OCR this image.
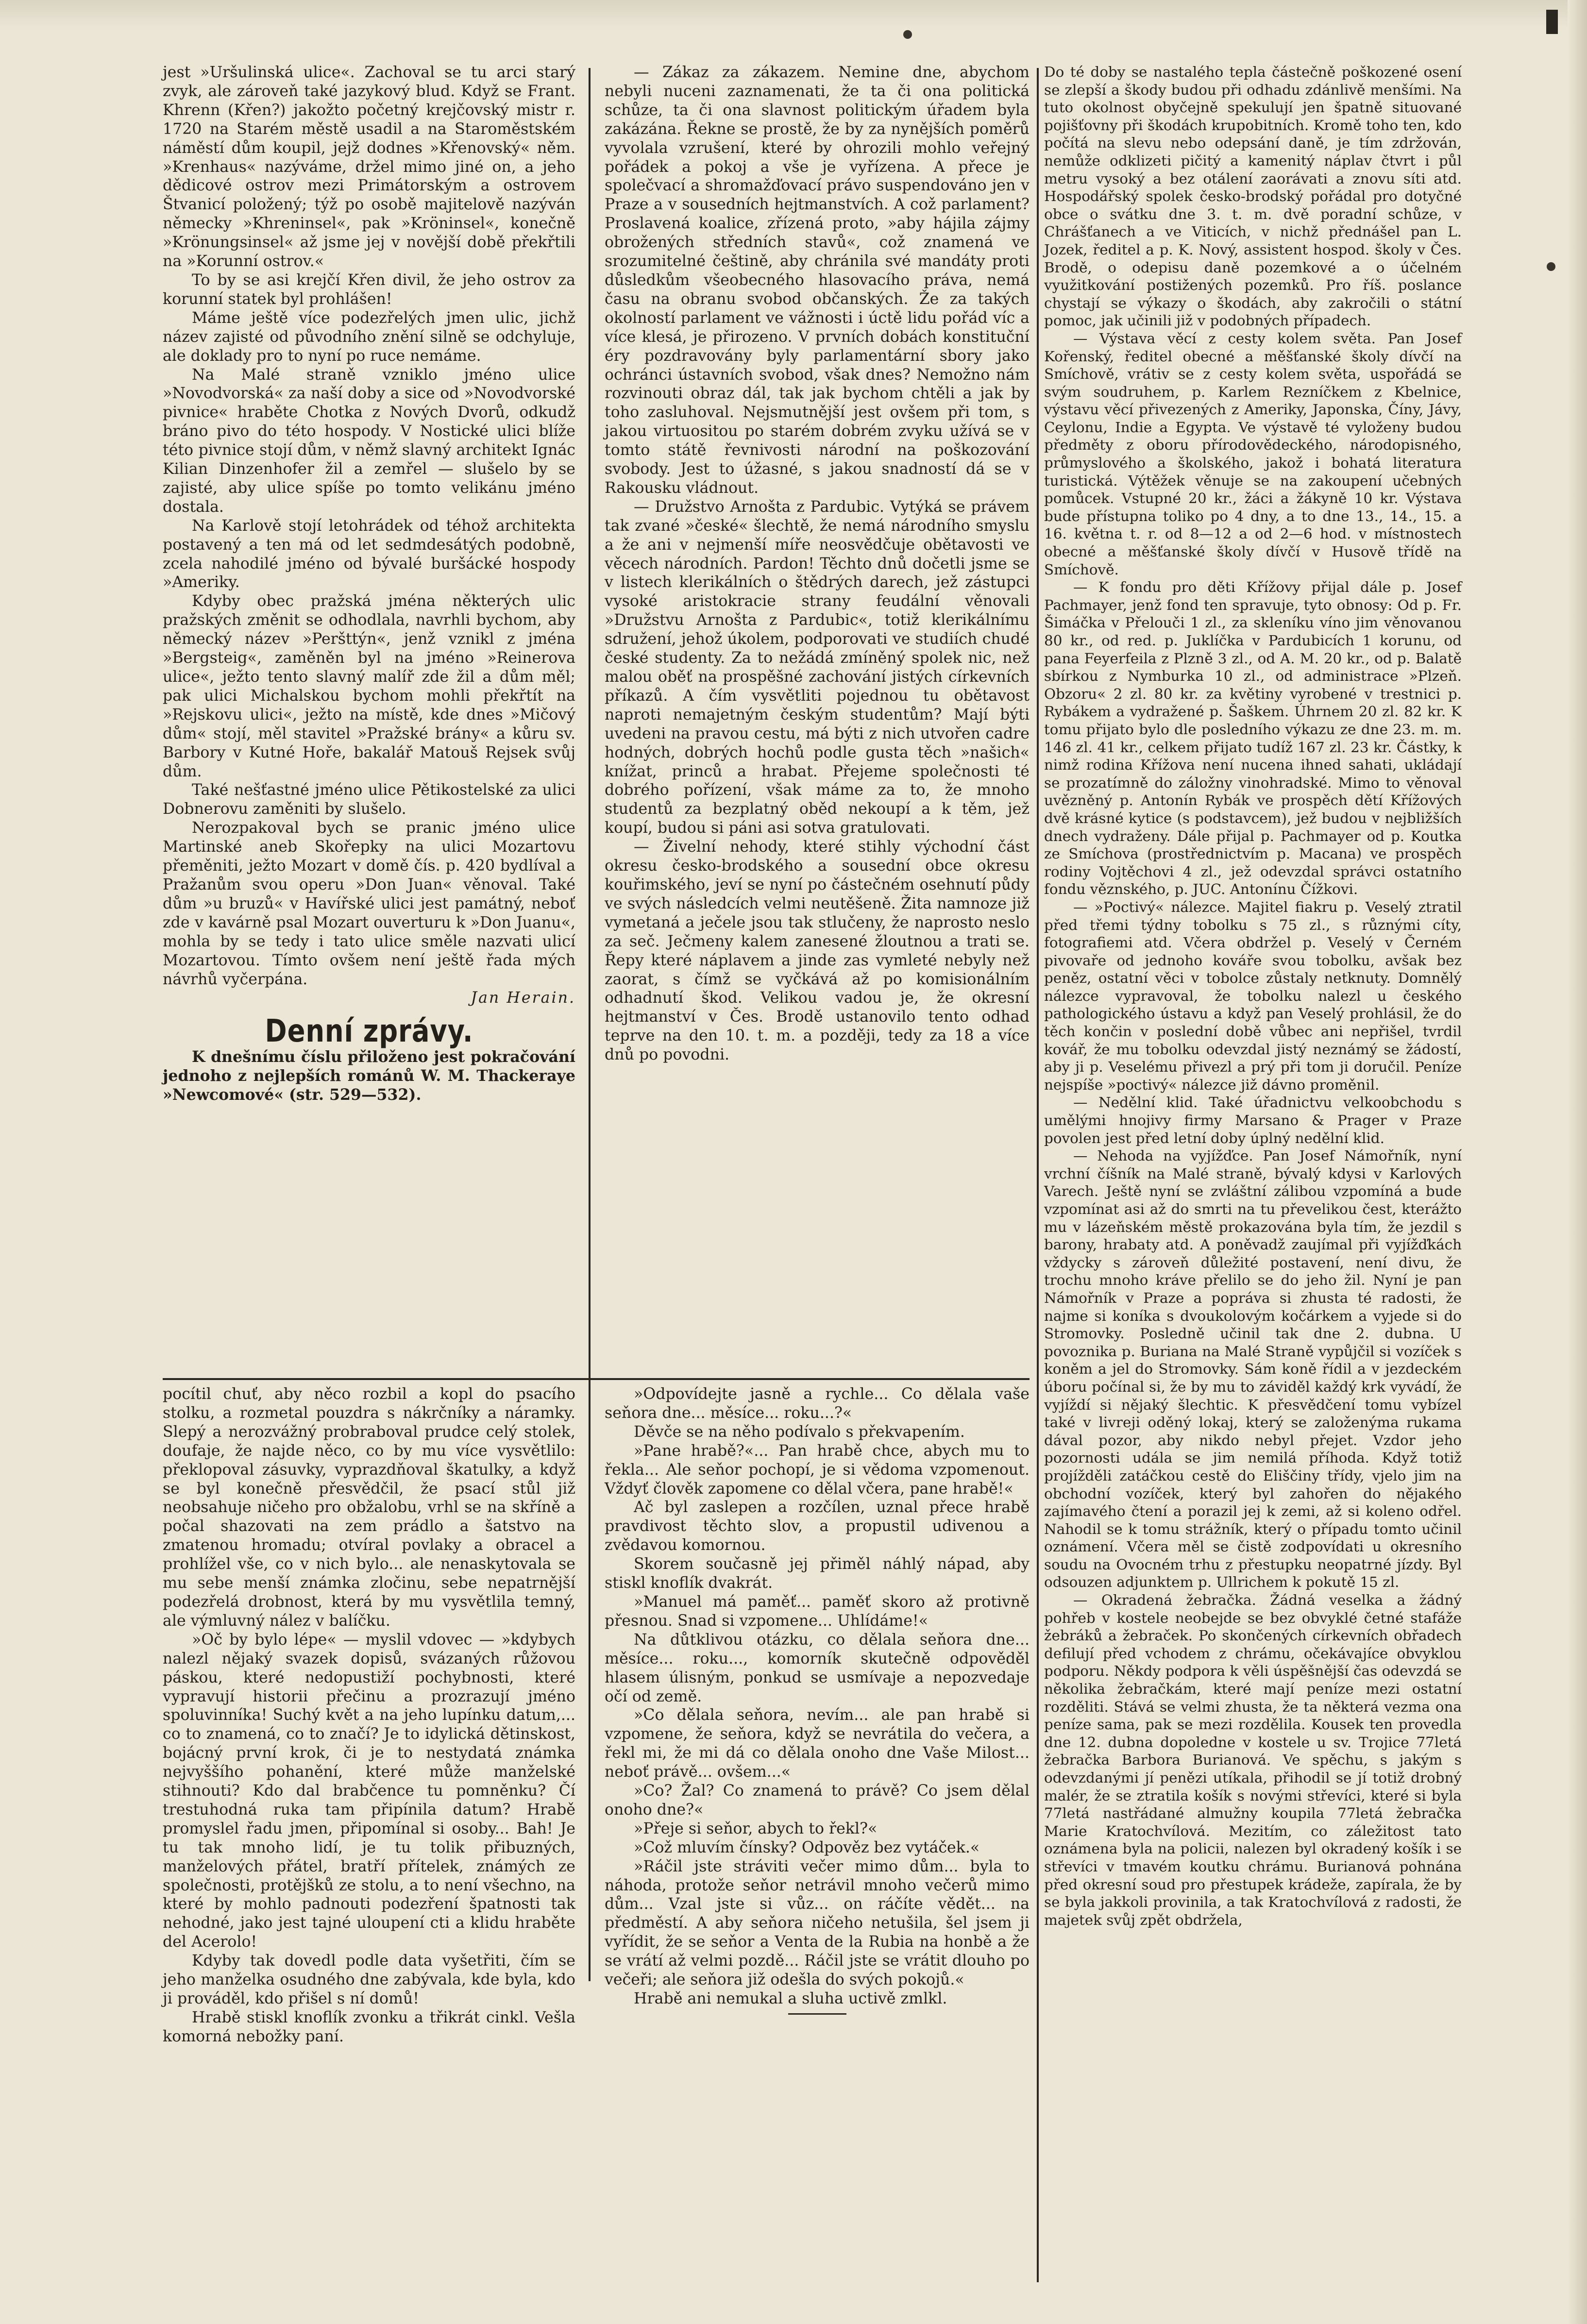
jest »Uršulinská ulice«. Zachoval se tu arci starý zvyk, ale zároveň také jazykový blud. Když se Frant. Khrenn (Křen?) jakožto početný krejčovský mistr r. 1720 na Starém městě usadil a na Staroměstském náměstí dům koupil, jejž dodnes »Křenovský« něm. »Krenhaus« nazýváme, držel mimo jiné on, a jeho dědicové ostrov mezi Primátorským a ostrovem Štvanicí položený; týž po osobě majitelově nazýván německy »Khreninsel«, pak »Kröninsel«, konečně »Krönungsinsel« až jsme jej v novější době překřtili na »Korunní ostrov.«

To by se asi krejčí Křen divil, že jeho ostrov za korunní statek byl prohlášen!

Máme ještě více podezřelých jmen ulic, jichž název zajisté od původního znění silně se odchyluje, ale doklady pro to nyní po ruce nemáme.

Na Malé straně vzniklo jméno ulice »Novodvorská« za naší doby a sice od »Novodvorské pivnice« hraběte Chotka z Nových Dvorů, odkudž bráno pivo do této hospody. V Nostické ulici blíže této pivnice stojí dům, v němž slavný architekt Ignác Kilian Dinzenhofer žil a zemřel — slušelo by se zajisté, aby ulice spíše po tomto velikánu jméno dostala.

Na Karlově stojí letohrádek od téhož architekta postavený a ten má od let sedmdesátých podobně, zcela nahodilé jméno od bývalé buršácké hospody »Ameriky.

Kdyby obec pražská jména některých ulic pražských změnit se odhodlala, navrhli bychom, aby německý název »Peršttýn«, jenž vznikl z jména »Bergsteig«, zaměněn byl na jméno »Reinerova ulice«, ježto tento slavný malíř zde žil a dům měl; pak ulici Michalskou bychom mohli překřtít na »Rejskovu ulici«, ježto na místě, kde dnes »Mičový dům« stojí, měl stavitel »Pražské brány« a kůru sv. Barbory v Kutné Hoře, bakalář Matouš Rejsek svůj dům.

Také nešťastné jméno ulice Pětikostelské za ulici Dobnerovu zaměniti by slušelo.

Nerozpakoval bych se pranic jméno ulice Martinské aneb Skořepky na ulici Mozartovu přeměniti, ježto Mozart v domě čís. p. 420 bydlíval a Pražanům svou operu »Don Juan« věnoval. Také dům »u bruzů« v Havířské ulici jest památný, neboť zde v kavárně psal Mozart ouverturu k »Don Juanu«, mohla by se tedy i tato ulice směle nazvati ulicí Mozartovou. Tímto ovšem není ještě řada mých návrhů vyčerpána.

Jan Herain.

Denní zprávy.

K dnešnímu číslu přiloženo jest pokračování jednoho z nejlepších románů W. M. Thackeraye »Newcomové« (str. 529—532).

— Zákaz za zákazem. Nemine dne, abychom nebyli nuceni zaznamenati, že ta či ona politická schůze, ta či ona slavnost politickým úřadem byla zakázána. Řekne se prostě, že by za nynějších poměrů vyvolala vzrušení, které by ohrozili mohlo veřejný pořádek a pokoj a vše je vyřízena. A přece je společvací a shromažďovací právo suspendováno jen v Praze a v sousedních hejtmanstvích. A což parlament? Proslavená koalice, zřízená proto, »aby hájila zájmy obrožených středních stavů«, což znamená ve srozumitelné češtině, aby chránila své mandáty proti důsledkům všeobecného hlasovacího práva, nemá času na obranu svobod občanských. Že za takých okolností parlament ve vážnosti i úctě lidu pořád víc a více klesá, je přirozeno. V prvních dobách konstituční éry pozdravovány byly parlamentární sbory jako ochránci ústavních svobod, však dnes? Nemožno nám rozvinouti obraz dál, tak jak bychom chtěli a jak by toho zasluhoval. Nejsmutnější jest ovšem při tom, s jakou virtuositou po starém dobrém zvyku užívá se v tomto státě řevnivosti národní na poškozování svobody. Jest to úžasné, s jakou snadností dá se v Rakousku vládnout.

— Družstvo Arnošta z Pardubic. Vytýká se právem tak zvané »české« šlechtě, že nemá národního smyslu a že ani v nejmenší míře neosvědčuje obětavosti ve věcech národních. Pardon! Těchto dnů dočetli jsme se v listech klerikálních o štědrých darech, jež zástupci vysoké aristokracie strany feudální věnovali »Družstvu Arnošta z Pardubic«, totiž klerikálnímu sdružení, jehož úkolem, podporovati ve studiích chudé české studenty. Za to nežádá zmíněný spolek nic, než malou oběť na prospěšné zachování jistých církevních příkazů. A čím vysvětliti pojednou tu obětavost naproti nemajetným českým studentům? Mají býti uvedeni na pravou cestu, má býti z nich utvořen cadre hodných, dobrých hochů podle gusta těch »našich« knížat, princů a hrabat. Přejeme společnosti té dobrého pořízení, však máme za to, že mnoho studentů za bezplatný oběd nekoupí a k těm, jež koupí, budou si páni asi sotva gratulovati.

— Živelní nehody, které stihly východní část okresu česko-brodského a sousední obce okresu kouřimského, jeví se nyní po částečném osehnutí půdy ve svých následcích velmi neutěšeně. Žita namnoze již vymetaná a ječele jsou tak stlučeny, že naprosto neslo za seč. Ječmeny kalem zanesené žloutnou a trati se. Řepy které náplavem a jinde zas vymleté nebyly než zaorat, s čímž se vyčkává až po komisionálním odhadnutí škod. Velikou vadou je, že okresní hejtmanství v Čes. Brodě ustanovilo tento odhad teprve na den 10. t. m. a později, tedy za 18 a více dnů po povodni.

Do té doby se nastalého tepla částečně poškozené osení se zlepší a škody budou při odhadu zdánlivě menšími. Na tuto okolnost obyčejně spekulují jen špatně situované pojišťovny při škodách krupobitních. Kromě toho ten, kdo počítá na slevu nebo odepsání daně, je tím zdržován, nemůže odklizeti pičitý a kamenitý náplav čtvrt i půl metru vysoký a bez otálení zaorávati a znovu síti atd. Hospodářský spolek česko-brodský pořádal pro dotyčné obce o svátku dne 3. t. m. dvě poradní schůze, v Chrášťanech a ve Viticích, v nichž přednášel pan L. Jozek, ředitel a p. K. Nový, assistent hospod. školy v Čes. Brodě, o odepisu daně pozemkové a o účelném využitkování postižených pozemků. Pro říš. poslance chystají se výkazy o škodách, aby zakročili o státní pomoc, jak učinili již v podobných případech.

— Výstava věcí z cesty kolem světa. Pan Josef Kořenský, ředitel obecné a měšťanské školy dívčí na Smíchově, vrátiv se z cesty kolem světa, uspořádá se svým soudruhem, p. Karlem Rezníčkem z Kbelnice, výstavu věcí přivezených z Ameriky, Japonska, Číny, Jávy, Ceylonu, Indie a Egypta. Ve výstavě té vyloženy budou předměty z oboru přírodovědeckého, národopisného, průmyslového a školského, jakož i bohatá literatura turistická. Výtěžek věnuje se na zakoupení učebných pomůcek. Vstupné 20 kr., žáci a žákyně 10 kr. Výstava bude přístupna toliko po 4 dny, a to dne 13., 14., 15. a 16. května t. r. od 8—12 a od 2—6 hod. v místnostech obecné a měšťanské školy dívčí v Husově třídě na Smíchově.

— K fondu pro děti Křížovy přijal dále p. Josef Pachmayer, jenž fond ten spravuje, tyto obnosy: Od p. Fr. Šimáčka v Přelouči 1 zl., za skleníku víno jim věnovanou 80 kr., od red. p. Juklíčka v Pardubicích 1 korunu, od pana Feyerfeila z Plzně 3 zl., od A. M. 20 kr., od p. Balatě sbírkou z Nymburka 10 zl., od administrace »Plzeň. Obzoru« 2 zl. 80 kr. za květiny vyrobené v trestnici p. Rybákem a vydražené p. Šaškem. Úhrnem 20 zl. 82 kr. K tomu přijato bylo dle posledního výkazu ze dne 23. m. m. 146 zl. 41 kr., celkem přijato tudíž 167 zl. 23 kr. Částky, k nimž rodina Křížova není nucena ihned sahati, ukládají se prozatímně do záložny vinohradské. Mimo to věnoval uvězněný p. Antonín Rybák ve prospěch dětí Křížových dvě krásné kytice (s podstavcem), jež budou v nejbližších dnech vydraženy. Dále přijal p. Pachmayer od p. Koutka ze Smíchova (prostřednictvím p. Macana) ve prospěch rodiny Vojtěchovi 4 zl., jež odevzdal správci ostatního fondu věznského, p. JUC. Antonínu Čížkovi.

— »Poctivý« nálezce. Majitel fiakru p. Veselý ztratil před třemi týdny tobolku s 75 zl., s různými cíty, fotografiemi atd. Včera obdržel p. Veselý v Černém pivovaře od jednoho kováře svou tobolku, avšak bez peněz, ostatní věci v tobolce zůstaly netknuty. Domnělý nálezce vypravoval, že tobolku nalezl u českého pathologického ústavu a když pan Veselý prohlásil, že do těch končin v poslední době vůbec ani nepřišel, tvrdil kovář, že mu tobolku odevzdal jistý neznámý se žádostí, aby ji p. Veselému přivezl a prý při tom ji doručil. Peníze nejspíše »poctivý« nálezce již dávno proměnil.

— Nedělní klid. Také úřadnictvu velkoobchodu s umělými hnojivy firmy Marsano & Prager v Praze povolen jest před letní doby úplný nedělní klid.

— Nehoda na vyjížďce. Pan Josef Námořník, nyní vrchní číšník na Malé straně, bývalý kdysi v Karlových Varech. Ještě nyní se zvláštní zálibou vzpomíná a bude vzpomínat asi až do smrti na tu převelikou čest, kterážto mu v lázeňském městě prokazována byla tím, že jezdil s barony, hrabaty atd. A poněvadž zaujímal při vyjížďkách vždycky s zároveň důležité postavení, není divu, že trochu mnoho kráve přelilo se do jeho žil. Nyní je pan Námořník v Praze a popráva si zhusta té radosti, že najme si koníka s dvoukolovým kočárkem a vyjede si do Stromovky. Posledně učinil tak dne 2. dubna. U povoznika p. Buriana na Malé Straně vypůjčil si vozíček s koněm a jel do Stromovky. Sám koně řídil a v jezdeckém úboru počínal si, že by mu to záviděl každý krk vyvádí, že vyjíždí si nějaký šlechtic. K přesvědčení tomu vybízel také v livreji oděný lokaj, který se založenýma rukama dával pozor, aby nikdo nebyl přejet. Vzdor jeho pozornosti udála se jim nemilá příhoda. Když totiž projížděli zatáčkou cestě do Eliščiny třídy, vjelo jim na obchodní vozíček, který byl zahořen do nějakého zajímavého čtení a porazil jej k zemi, až si koleno odřel. Nahodil se k tomu strážník, který o případu tomto učinil oznámení. Včera měl se čistě zodpovídati u okresního soudu na Ovocném trhu z přestupku neopatrné jízdy. Byl odsouzen adjunktem p. Ullrichem k pokutě 15 zl.

— Okradená žebračka. Žádná veselka a žádný pohřeb v kostele neobejde se bez obvyklé četné stafáže žebráků a žebraček. Po skončených církevních obřadech defilují před vchodem z chrámu, očekávajíce obvyklou podporu. Někdy podpora k věli úspěšnější čas odevzdá se několika žebračkám, které mají peníze mezi ostatní rozděliti. Stává se velmi zhusta, že ta některá vezma ona peníze sama, pak se mezi rozdělila. Kousek ten provedla dne 12. dubna dopoledne v kostele u sv. Trojice 77letá žebračka Barbora Burianová. Ve spěchu, s jakým s odevzdanými jí penězi utíkala, přihodil se jí totiž drobný malér, že se ztratila košík s novými střevíci, které si byla 77letá nastřádané almužny koupila 77letá žebračka Marie Kratochvílová. Mezitím, co záležitost tato oznámena byla na policii, nalezen byl okradený košík i se střevíci v tmavém koutku chrámu. Burianová pohnána před okresní soud pro přestupek krádeže, zapírala, že by se byla jakkoli provinila, a tak Kratochvílová z radosti, že majetek svůj zpět obdržela,

pocítil chuť, aby něco rozbil a kopl do psacího stolku, a rozmetal pouzdra s nákrčníky a náramky. Slepý a nerozvážný probraboval prudce celý stolek, doufaje, že najde něco, co by mu více vysvětlilo: překlopoval zásuvky, vyprazdňoval škatulky, a když se byl konečně přesvědčil, že psací stůl již neobsahuje ničeho pro obžalobu, vrhl se na skříně a počal shazovati na zem prádlo a šatstvo na zmatenou hromadu; otvíral povlaky a obracel a prohlížel vše, co v nich bylo... ale nenaskytovala se mu sebe menší známka zločinu, sebe nepatrnější podezřelá drobnost, která by mu vysvětlila temný, ale výmluvný nález v balíčku.

»Oč by bylo lépe« — myslil vdovec — »kdybych nalezl nějaký svazek dopisů, svázaných růžovou páskou, které nedopustiží pochybnosti, které vypravují historii přečinu a prozrazují jméno spoluvinníka! Suchý květ a na jeho lupínku datum,... co to znamená, co to značí? Je to idylická dětinskost, bojácný první krok, či je to nestydatá známka nejvyššího pohanění, které může manželské stihnouti? Kdo dal brabčence tu pomněnku? Čí trestuhodná ruka tam připínila datum? Hrabě promyslel řadu jmen, připomínal si osoby... Bah! Je tu tak mnoho lidí, je tu tolik přibuzných, manželových přátel, bratří přítelek, známých ze společnosti, protějšků ze stolu, a to není všechno, na které by mohlo padnouti podezření špatnosti tak nehodné, jako jest tajné uloupení cti a klidu hraběte del Acerolo!

Kdyby tak dovedl podle data vyšetřiti, čím se jeho manželka osudného dne zabývala, kde byla, kdo ji prováděl, kdo přišel s ní domů!

Hrabě stiskl knoflík zvonku a třikrát cinkl. Vešla komorná nebožky paní.

»Odpovídejte jasně a rychle... Co dělala vaše seňora dne... měsíce... roku...?«

Děvče se na něho podívalo s překvapením.

»Pane hrabě?«... Pan hrabě chce, abych mu to řekla... Ale seňor pochopí, je si vědoma vzpomenout. Vždyť člověk zapomene co dělal včera, pane hrabě!«

Ač byl zaslepen a rozčílen, uznal přece hrabě pravdivost těchto slov, a propustil udivenou a zvědavou komornou.

Skorem současně jej přiměl náhlý nápad, aby stiskl knoflík dvakrát.

»Manuel má paměť... paměť skoro až protivně přesnou. Snad si vzpomene... Uhlídáme!«

Na důtklivou otázku, co dělala seňora dne... měsíce... roku..., komorník skutečně odpověděl hlasem úlisným, ponkud se usmívaje a nepozvedaje očí od země.

»Co dělala seňora, nevím... ale pan hrabě si vzpomene, že seňora, když se nevrátila do večera, a řekl mi, že mi dá co dělala onoho dne Vaše Milost... neboť právě... ovšem...«

»Co? Žal? Co znamená to právě? Co jsem dělal onoho dne?«

»Přeje si seňor, abych to řekl?«

»Což mluvím čínsky? Odpověz bez vytáček.«

»Ráčil jste stráviti večer mimo dům... byla to náhoda, protože seňor netrávil mnoho večerů mimo dům... Vzal jste si vůz... on ráčíte vědět... na předměstí. A aby seňora ničeho netušila, šel jsem ji vyřídit, že se seňor a Venta de la Rubia na honbě a že se vrátí až velmi pozdě... Ráčil jste se vrátit dlouho po večeři; ale seňora již odešla do svých pokojů.«

Hrabě ani nemukal a sluha uctivě zmlkl.
